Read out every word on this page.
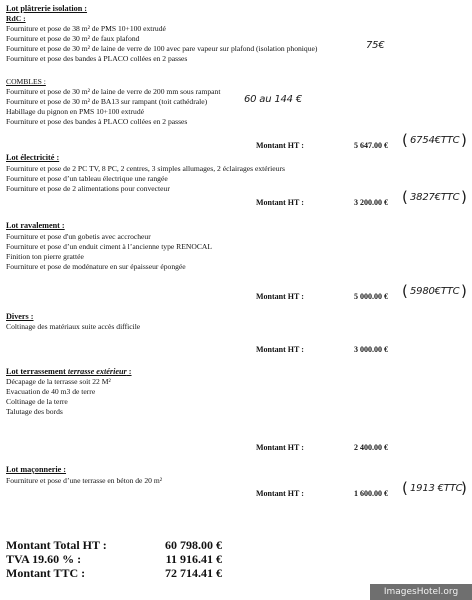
Lot plâtrerie isolation :
RdC :
Fourniture et pose de 38 m² de PMS 10+100 extrudé
Fourniture et pose de 30 m² de faux plafond
Fourniture et pose de 30 m² de laine de verre de 100 avec pare vapeur sur plafond (isolation phonique)	75€
Fourniture et pose des bandes à PLACO collées en 2 passes
COMBLES :
Fourniture et pose de 30 m² de laine de verre de 200 mm sous rampant
Fourniture et pose de 30 m² de BA13 sur rampant (toit cathédrale)	60 au 144 €
Habillage du pignon en PMS 10+100 extrudé
Fourniture et pose des bandes à PLACO collées en 2 passes
Montant HT :	5 647.00 € ( 6754€TTC )
Lot électricité :
Fourniture et pose de 2 PC TV, 8 PC, 2 centres, 3 simples allumages, 2 éclairages extérieurs
Fourniture et pose d’un tableau électrique une rangée
Fourniture et pose de 2 alimentations pour convecteur
Montant HT :	3 200.00 € ( 3827€TTC )
Lot ravalement :
Fourniture et pose d'un gobetis avec accrocheur
Fourniture et pose d’un enduit ciment à l’ancienne type RENOCAL
Finition ton pierre grattée
Fourniture et pose de modénature en sur épaisseur épongée
Montant HT :	5 000.00 € ( 5980€TTC )
Divers :
Coltinage des matériaux suite accès difficile
Montant HT :	3 000.00 €
Lot terrassement terrasse extérieur :
Décapage de la terrasse soit 22 M²
Evacuation de 40 m3 de terre
Coltinage de la terre
Talutage des bords
Montant HT :	2 400.00 €
Lot maçonnerie :
Fourniture et pose d’une terrasse en béton de 20 m²
Montant HT :	1 600.00 € ( 1913 €TTC
)
Montant Total HT :	60 798.00 €
TVA 19.60 % :	11 916.41 €
Montant TTC :	72 714.41 €
ImagesHotel.org
